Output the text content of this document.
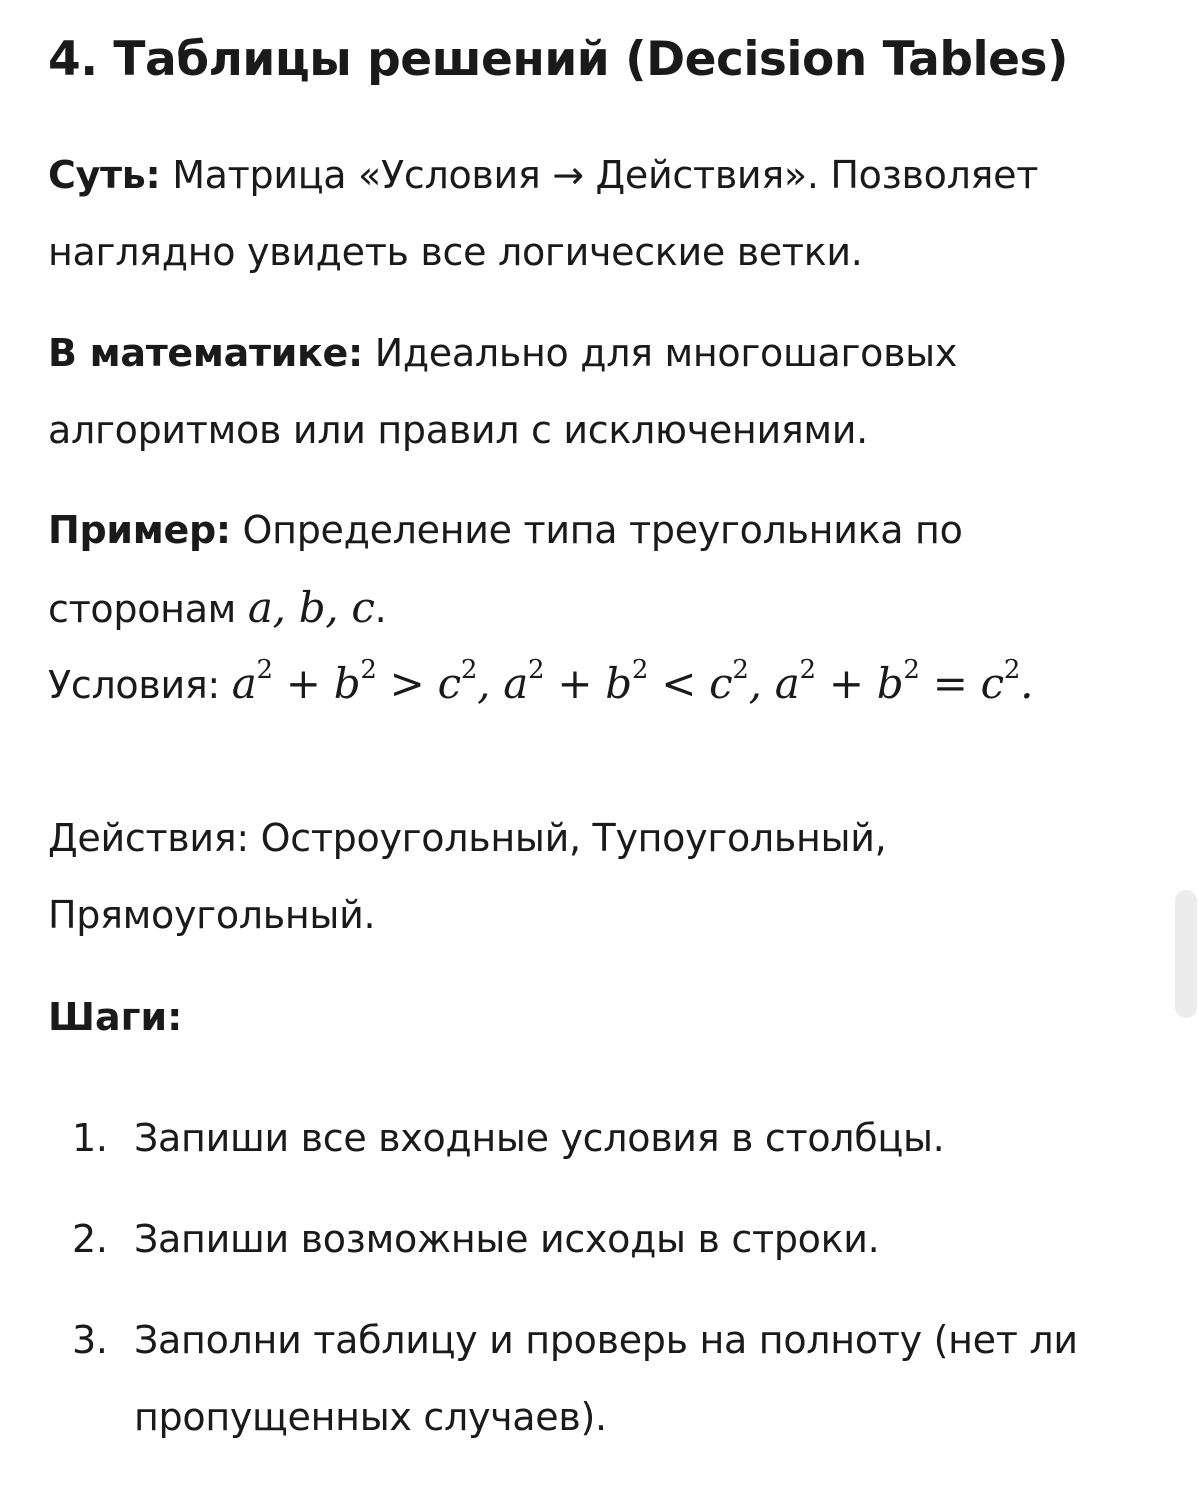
4. Таблицы решений (Decision Tables)
Суть: Матрица «Условия → Действия». Позволяет наглядно увидеть все логические ветки.
В математике: Идеально для многошаговых алгоритмов или правил с исключениями.
Пример: Определение типа треугольника по сторонам a, b, c.
Условия: $a^2 + b^2 > c^2$, $a^2 + b^2 < c^2$, $a^2 + b^2 = c^2$.
Действия: Остроугольный, Тупоугольный, Прямоугольный.
Шаги:
1. Запиши все входные условия в столбцы.
2. Запиши возможные исходы в строки.
3. Заполни таблицу и проверь на полноту (нет ли пропущенных случаев).
